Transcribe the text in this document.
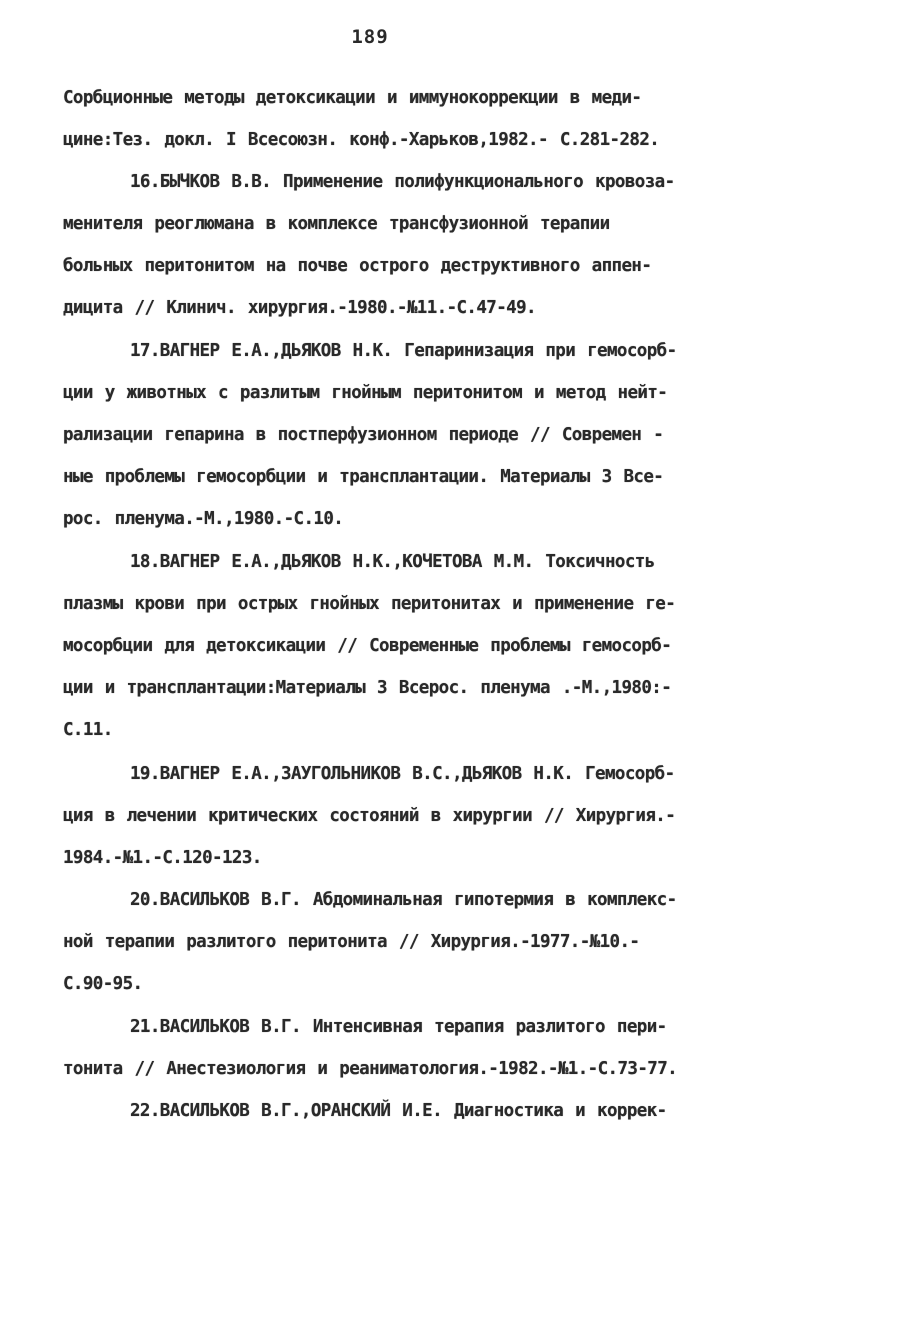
189
Сорбционные методы детоксикации и иммунокоррекции в меди-
цине:Тез. докл. I Всесоюзн. конф.-Харьков,1982.- С.281-282.
16.БЫЧКОВ В.В. Применение полифункционального кровоза-
менителя реоглюмана в комплексе трансфузионной терапии
больных перитонитом на почве острого деструктивного аппен-
дицита // Клинич. хирургия.-1980.-№11.-С.47-49.
17.ВАГНЕР Е.А.,ДЬЯКОВ Н.К. Гепаринизация при гемосорб-
ции у животных с разлитым гнойным перитонитом и метод нейт-
рализации гепарина в постперфузионном периоде // Современ -
ные проблемы гемосорбции и трансплантации. Материалы 3 Все-
рос. пленума.-М.,1980.-С.10.
18.ВАГНЕР Е.А.,ДЬЯКОВ Н.К.,КОЧЕТОВА М.М. Токсичность
плазмы крови при острых гнойных перитонитах и применение ге-
мосорбции для детоксикации // Современные проблемы гемосорб-
ции и трансплантации:Материалы 3 Всерос. пленума .-М.,1980:-
С.11.
19.ВАГНЕР Е.А.,ЗАУГОЛЬНИКОВ В.С.,ДЬЯКОВ Н.К. Гемосорб-
ция в лечении критических состояний в хирургии // Хирургия.-
1984.-№1.-С.120-123.
20.ВАСИЛЬКОВ В.Г. Абдоминальная гипотермия в комплекс-
ной терапии разлитого перитонита // Хирургия.-1977.-№10.-
С.90-95.
21.ВАСИЛЬКОВ В.Г. Интенсивная терапия разлитого пери-
тонита // Анестезиология и реаниматология.-1982.-№1.-С.73-77.
22.ВАСИЛЬКОВ В.Г.,ОРАНСКИЙ И.Е. Диагностика и коррек-
